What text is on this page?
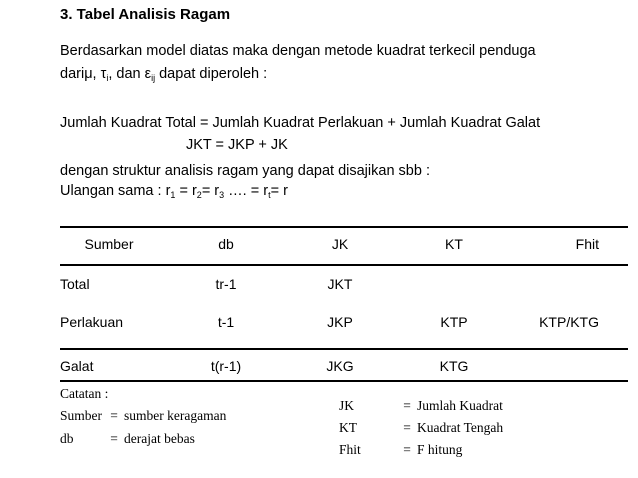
3. Tabel Analisis Ragam
Berdasarkan model diatas maka dengan metode kuadrat terkecil penduga
dariμ, $\tau_i$, dan $\varepsilon_{ij}$ dapat diperoleh :
Jumlah Kuadrat Total = Jumlah Kuadrat Perlakuan + Jumlah Kuadrat Galat
JKT = JKP + JK
dengan struktur analisis ragam yang dapat disajikan sbb :
Ulangan sama : $r_1 = r_2= r_3$ …. = $r_t= r$
Sumber	db	JK	KT	Fhit
Total	tr-1	JKT
Perlakuan	t-1	JKP	KTP	KTP/KTG
Galat	t(r-1)	JKG	KTG
Catatan :
Sumber = sumber keragaman
db	= derajat bebas
JK	= Jumlah Kuadrat
KT	= Kuadrat Tengah
Fhit	= F hitung
